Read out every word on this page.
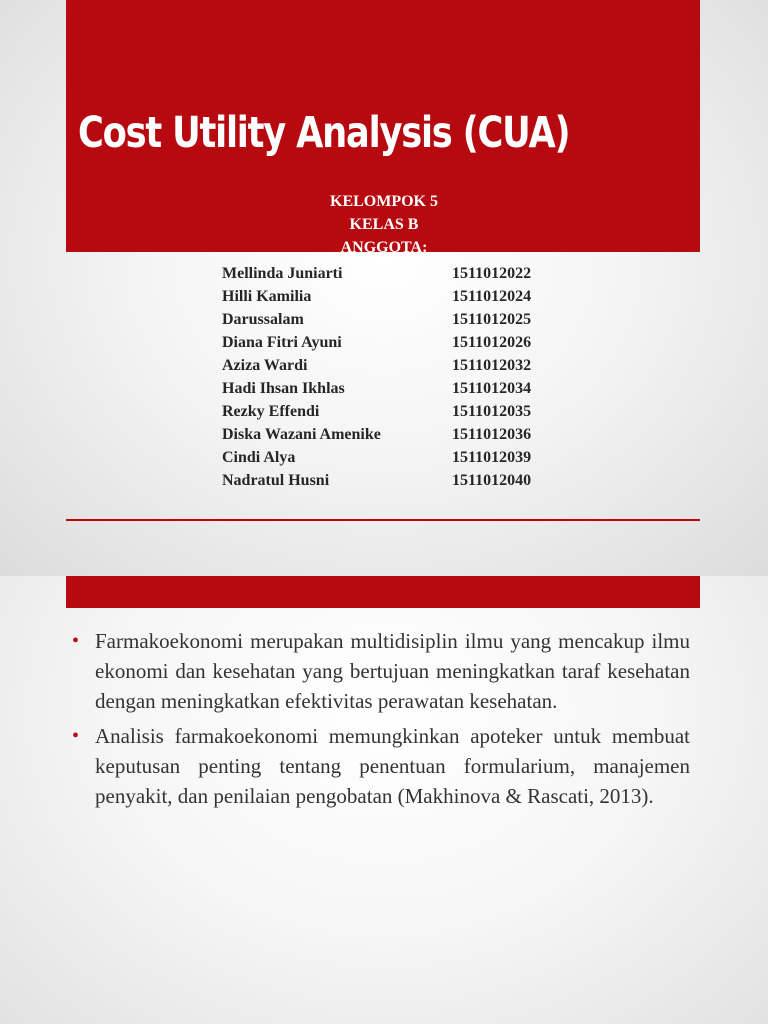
Cost Utility Analysis (CUA)

KELOMPOK 5

KELAS B

ANGGOTA:

Mellinda Juniarti	1511012022
Hilli Kamilia	1511012024
Darussalam	1511012025
Diana Fitri Ayuni	1511012026
Aziza Wardi	1511012032
Hadi Ihsan Ikhlas	1511012034
Rezky Effendi	1511012035
Diska Wazani Amenike	1511012036
Cindi Alya	1511012039
Nadratul Husni	1511012040
• Farmakoekonomi merupakan multidisiplin ilmu yang mencakup ilmu ekonomi dan kesehatan yang bertujuan meningkatkan taraf kesehatan dengan meningkatkan efektivitas perawatan kesehatan.
• Analisis farmakoekonomi memungkinkan apoteker untuk membuat keputusan penting tentang penentuan formularium, manajemen penyakit, dan penilaian pengobatan (Makhinova & Rascati, 2013).
